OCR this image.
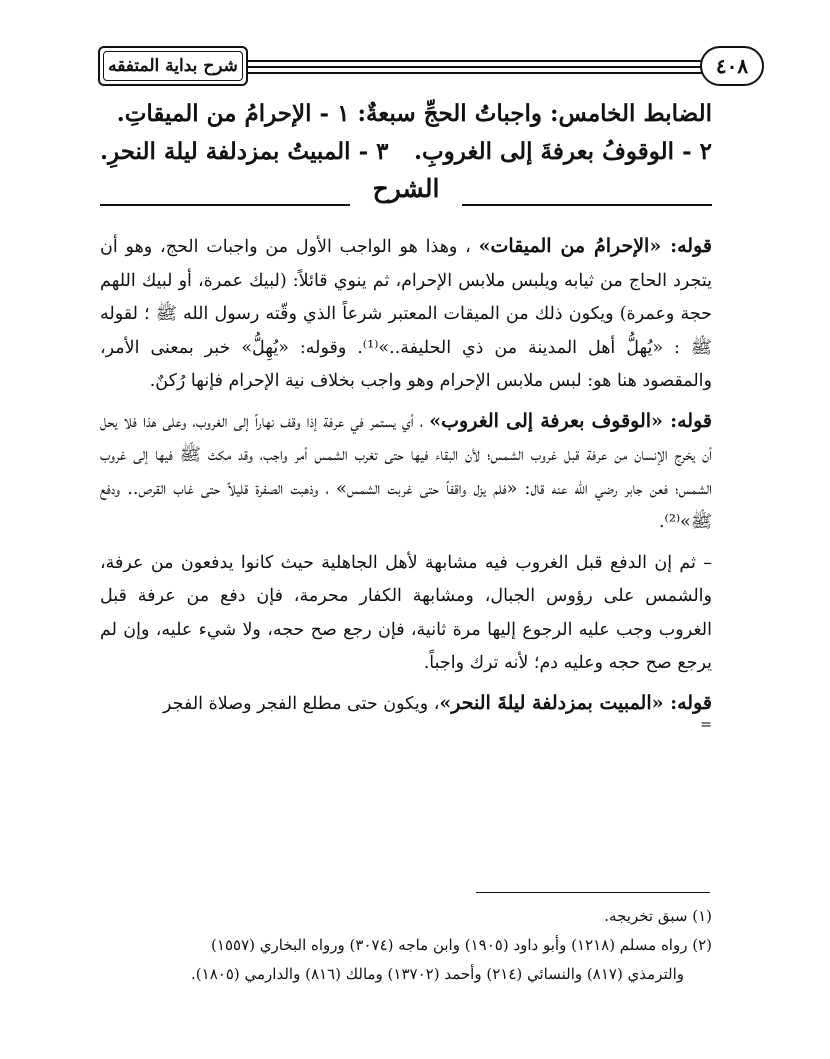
شرح بداية المتفقه	٤٠٨
الضابط الخامس: واجباتُ الحجِّ سبعةٌ: ١ - الإحرامُ من الميقاتِ.
٢ - الوقوفُ بعرفةَ إلى الغروبِ.
٣ - المبيتُ بمزدلفة ليلة النحرِ.
الشرح

قوله: «الإحرامُ من الميقات» ، وهذا هو الواجب الأول من واجبات الحج، وهو أن يتجرد الحاج من ثيابه ويلبس ملابس الإحرام، ثم ينوي قائلاً: (لبيك عمرة، أو لبيك اللهم حجة وعمرة) ويكون ذلك من الميقات المعتبر شرعاً الذي وقّته رسول الله ﷺ ؛ لقوله ﷺ : «يُهلُّ أهل المدينة من ذي الحليفة..»⁽¹⁾. وقوله: «يُهِلُّ» خبر بمعنى الأمر، والمقصود هنا هو: لبس ملابس الإحرام وهو واجب بخلاف نية الإحرام فإنها رُكنٌ.

قوله: «الوقوف بعرفة إلى الغروب» ، أي يستمر في عرفة إذا وقف نهاراً إلى الغروب، وعلى هذا فلا يحل أن يخرج الإنسان من عرفة قبل غروب الشمس؛ لأن البقاء فيها حتى تغرب الشمس أمر واجب، وقد مكث ﷺ فيها إلى غروب الشمس؛ فعن جابر رضي الله عنه قال: «فلم يزل واقفاً حتى غربت الشمس» ، وذهبت الصفرة قليلاً حتى غاب القرص.. ودفع ﷺ»⁽²⁾.

– ثم إن الدفع قبل الغروب فيه مشابهة لأهل الجاهلية حيث كانوا يدفعون من عرفة، والشمس على رؤوس الجبال، ومشابهة الكفار محرمة، فإن دفع من عرفة قبل الغروب وجب عليه الرجوع إليها مرة ثانية، فإن رجع صح حجه، ولا شيء عليه، وإن لم يرجع صح حجه وعليه دم؛ لأنه ترك واجباً.

قوله: «المبيت بمزدلفة ليلةَ النحر»، ويكون حتى مطلع الفجر وصلاة الفجر

=

(١) سبق تخريجه.

(٢) رواه مسلم (١٢١٨) وأبو داود (١٩٠٥) وابن ماجه (٣٠٧٤) ورواه البخاري (١٥٥٧)

والترمذي (٨١٧) والنسائي (٢١٤) وأحمد (١٣٧٠٢) ومالك (٨١٦) والدارمي (١٨٠٥).
